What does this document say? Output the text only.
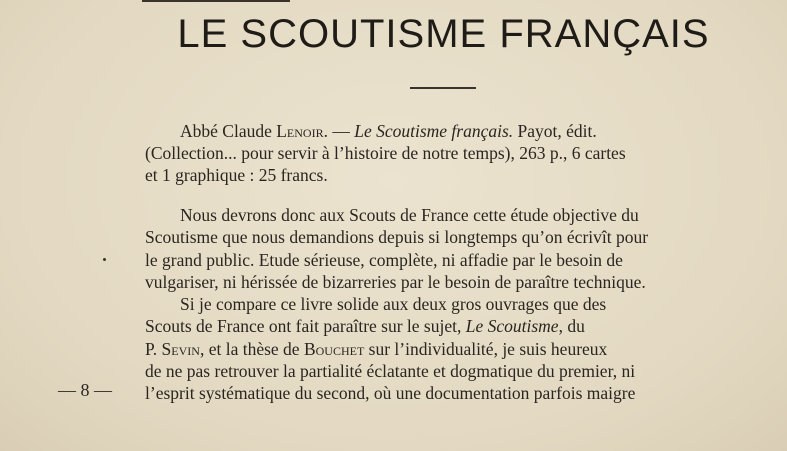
LE SCOUTISME FRANÇAIS

Abbé Claude Lenoir. — Le Scoutisme français. Payot, édit.
(Collection... pour servir à l’histoire de notre temps), 263 p., 6 cartes
et 1 graphique : 25 francs.

Nous devrons donc aux Scouts de France cette étude objective du
Scoutisme que nous demandions depuis si longtemps qu’on écrivît pour
le grand public. Etude sérieuse, complète, ni affadie par le besoin de
vulgariser, ni hérissée de bizarreries par le besoin de paraître technique.
Si je compare ce livre solide aux deux gros ouvrages que des
Scouts de France ont fait paraître sur le sujet, Le Scoutisme, du
P. Sevin, et la thèse de Bouchet sur l’individualité, je suis heureux
de ne pas retrouver la partialité éclatante et dogmatique du premier, ni
l’esprit systématique du second, où une documentation parfois maigre
— 8 —
